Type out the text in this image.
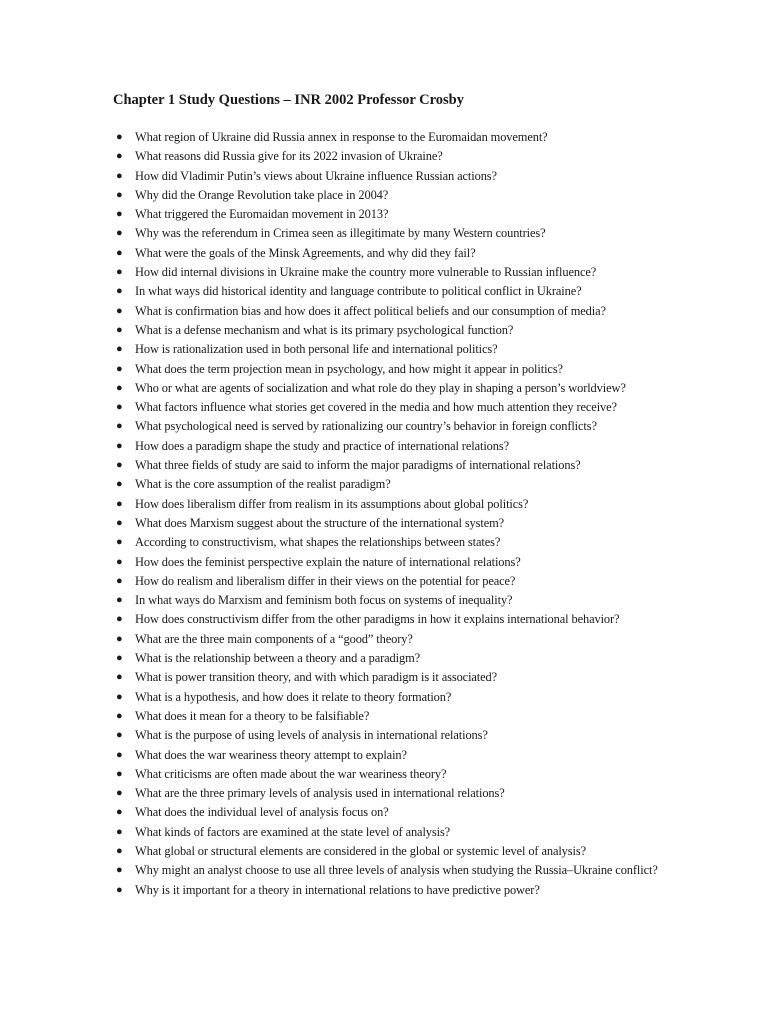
Chapter 1 Study Questions – INR 2002 Professor Crosby
● What region of Ukraine did Russia annex in response to the Euromaidan movement?
● What reasons did Russia give for its 2022 invasion of Ukraine?
● How did Vladimir Putin’s views about Ukraine influence Russian actions?
● Why did the Orange Revolution take place in 2004?
● What triggered the Euromaidan movement in 2013?
● Why was the referendum in Crimea seen as illegitimate by many Western countries?
● What were the goals of the Minsk Agreements, and why did they fail?
● How did internal divisions in Ukraine make the country more vulnerable to Russian influence?
● In what ways did historical identity and language contribute to political conflict in Ukraine?
● What is confirmation bias and how does it affect political beliefs and our consumption of media?
● What is a defense mechanism and what is its primary psychological function?
● How is rationalization used in both personal life and international politics?
● What does the term projection mean in psychology, and how might it appear in politics?
● Who or what are agents of socialization and what role do they play in shaping a person’s worldview?
● What factors influence what stories get covered in the media and how much attention they receive?
● What psychological need is served by rationalizing our country’s behavior in foreign conflicts?
● How does a paradigm shape the study and practice of international relations?
● What three fields of study are said to inform the major paradigms of international relations?
● What is the core assumption of the realist paradigm?
● How does liberalism differ from realism in its assumptions about global politics?
● What does Marxism suggest about the structure of the international system?
● According to constructivism, what shapes the relationships between states?
● How does the feminist perspective explain the nature of international relations?
● How do realism and liberalism differ in their views on the potential for peace?
● In what ways do Marxism and feminism both focus on systems of inequality?
● How does constructivism differ from the other paradigms in how it explains international behavior?
● What are the three main components of a “good” theory?
● What is the relationship between a theory and a paradigm?
● What is power transition theory, and with which paradigm is it associated?
● What is a hypothesis, and how does it relate to theory formation?
● What does it mean for a theory to be falsifiable?
● What is the purpose of using levels of analysis in international relations?
● What does the war weariness theory attempt to explain?
● What criticisms are often made about the war weariness theory?
● What are the three primary levels of analysis used in international relations?
● What does the individual level of analysis focus on?
● What kinds of factors are examined at the state level of analysis?
● What global or structural elements are considered in the global or systemic level of analysis?
● Why might an analyst choose to use all three levels of analysis when studying the Russia–Ukraine conflict?
● Why is it important for a theory in international relations to have predictive power?
